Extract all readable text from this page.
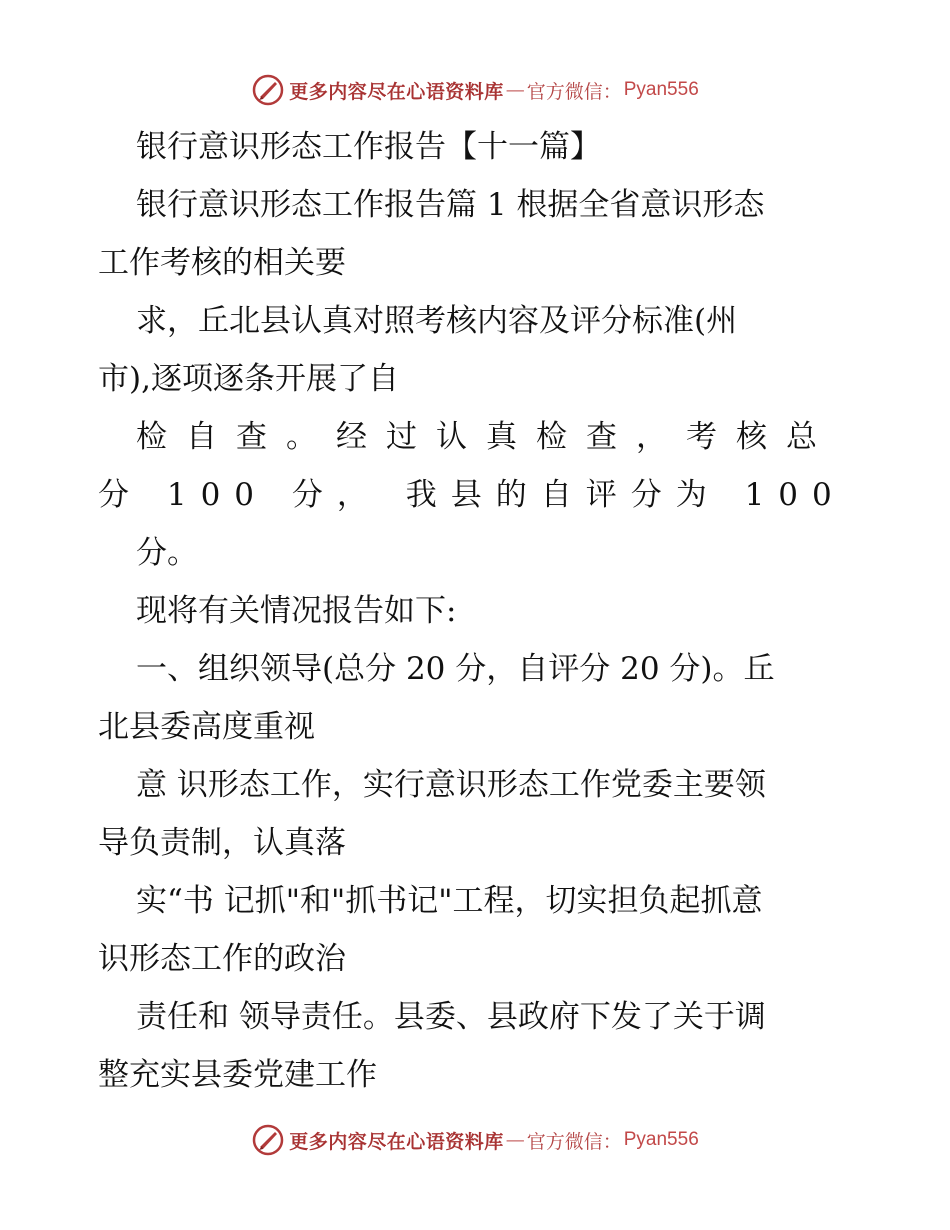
更多内容尽在心语资料库 — 官方微信： Pyan556
银行意识形态工作报告【十一篇】
银行意识形态工作报告篇 1 根据全省意识形态
工作考核的相关要
求，丘北县认真对照考核内容及评分标准(州
市),逐项逐条开展了自
检自查。经过认真检查，考核总
分 100 分， 我县的自评分为 100
分。
现将有关情况报告如下:
一、组织领导(总分 20 分，自评分 20 分)。丘
北县委高度重视
意 识形态工作，实行意识形态工作党委主要领
导负责制，认真落
实“书 记抓"和"抓书记"工程，切实担负起抓意
识形态工作的政治
责任和 领导责任。县委、县政府下发了关于调
整充实县委党建工作
更多内容尽在心语资料库 — 官方微信： Pyan556
